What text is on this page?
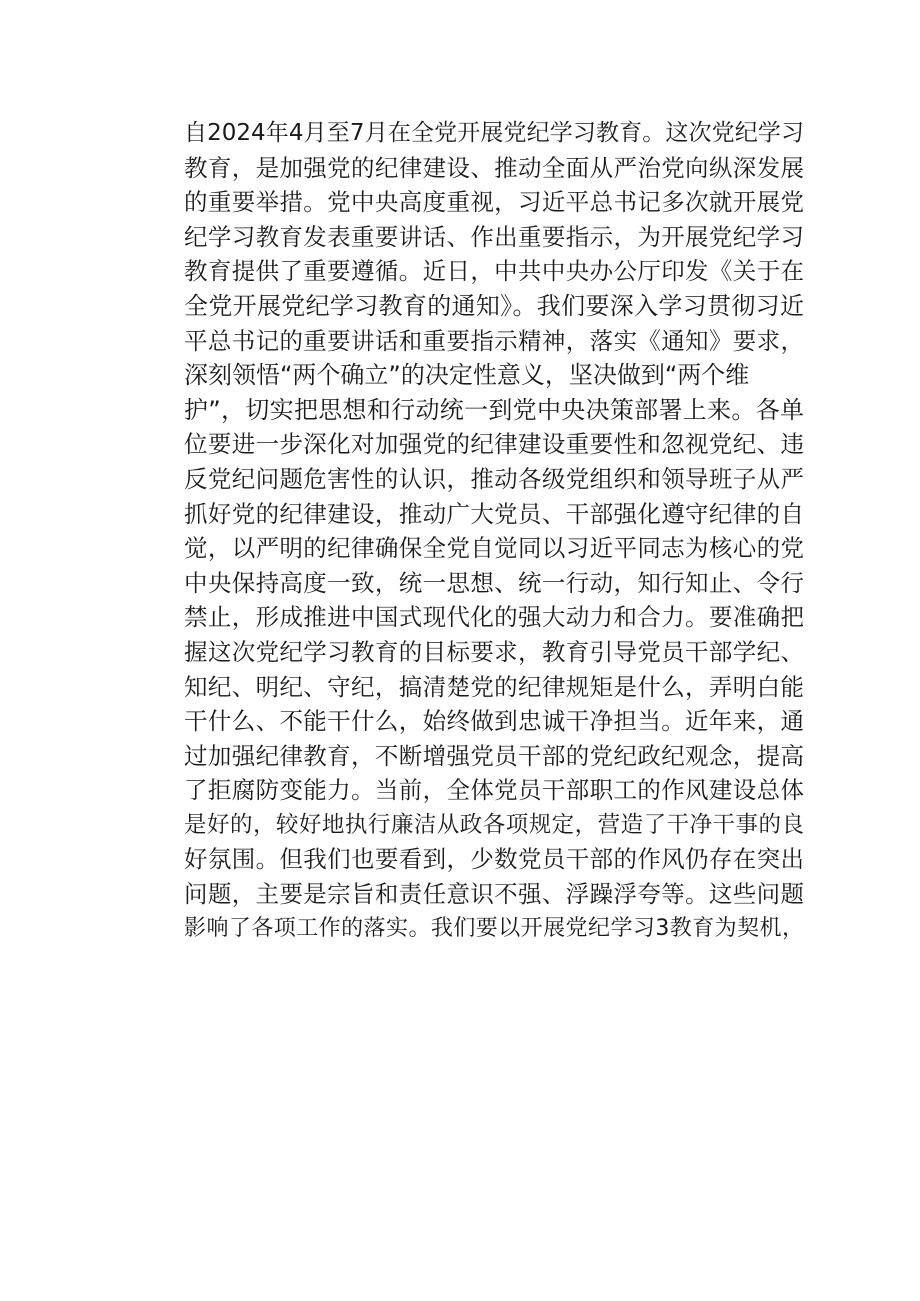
自2024年4月至7月在全党开展党纪学习教育。这次党纪学习
教育，是加强党的纪律建设、推动全面从严治党向纵深发展
的重要举措。党中央高度重视，习近平总书记多次就开展党
纪学习教育发表重要讲话、作出重要指示，为开展党纪学习
教育提供了重要遵循。近日，中共中央办公厅印发《关于在
全党开展党纪学习教育的通知》。我们要深入学习贯彻习近
平总书记的重要讲话和重要指示精神，落实《通知》要求，
深刻领悟“两个确立”的决定性意义，坚决做到“两个维
护”，切实把思想和行动统一到党中央决策部署上来。各单
位要进一步深化对加强党的纪律建设重要性和忽视党纪、违
反党纪问题危害性的认识，推动各级党组织和领导班子从严
抓好党的纪律建设，推动广大党员、干部强化遵守纪律的自
觉，以严明的纪律确保全党自觉同以习近平同志为核心的党
中央保持高度一致，统一思想、统一行动，知行知止、令行
禁止，形成推进中国式现代化的强大动力和合力。要准确把
握这次党纪学习教育的目标要求，教育引导党员干部学纪、
知纪、明纪、守纪，搞清楚党的纪律规矩是什么，弄明白能
干什么、不能干什么，始终做到忠诚干净担当。近年来，通
过加强纪律教育，不断增强党员干部的党纪政纪观念，提高
了拒腐防变能力。当前，全体党员干部职工的作风建设总体
是好的，较好地执行廉洁从政各项规定，营造了干净干事的良
好氛围。但我们也要看到，少数党员干部的作风仍存在突出
问题，主要是宗旨和责任意识不强、浮躁浮夸等。这些问题
影响了各项工作的落实。我们要以开展党纪学习3教育为契机，
